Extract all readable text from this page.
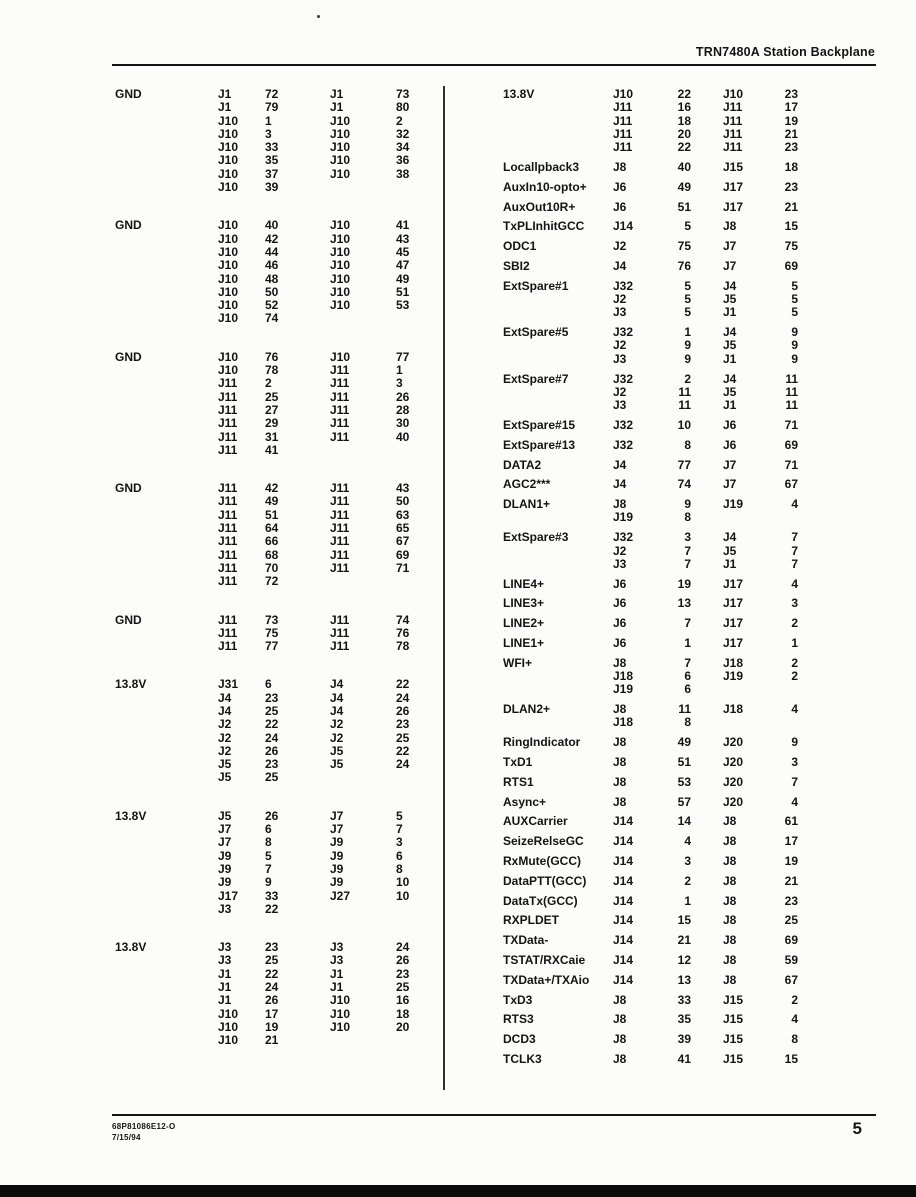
TRN7480A Station Backplane
GND	J1	72	J1	73
J1	79	J1	80
J10	1	J10	2
J10	3	J10	32
J10	33	J10	34
J10	35	J10	36
J10	37	J10	38
J10	39
GND	J10	40	J10	41
J10	42	J10	43
J10	44	J10	45
J10	46	J10	47
J10	48	J10	49
J10	50	J10	51
J10	52	J10	53
J10	74
GND	J10	76	J10	77
J10	78	J11	1
J11	2	J11	3
J11	25	J11	26
J11	27	J11	28
J11	29	J11	30
J11	31	J11	40
J11	41
GND	J11	42	J11	43
J11	49	J11	50
J11	51	J11	63
J11	64	J11	65
J11	66	J11	67
J11	68	J11	69
J11	70	J11	71
J11	72
GND	J11	73	J11	74
J11	75	J11	76
J11	77	J11	78
13.8V	J31	6	J4	22
J4	23	J4	24
J4	25	J4	26
J2	22	J2	23
J2	24	J2	25
J2	26	J5	22
J5	23	J5	24
J5	25
13.8V	J5	26	J7	5
J7	6	J7	7
J7	8	J9	3
J9	5	J9	6
J9	7	J9	8
J9	9	J9	10
J17	33	J27	10
J3	22
13.8V	J3	23	J3	24
J3	25	J3	26
J1	22	J1	23
J1	24	J1	25
J1	26	J10	16
J10	17	J10	18
J10	19	J10	20
J10	21
13.8V	J10	22	J10	23
J11	16	J11	17
J11	18	J11	19
J11	20	J11	21
J11	22	J11	23
Locallpback3	J8	40	J15	18
AuxIn10-opto+	J6	49	J17	23
AuxOut10R+	J6	51	J17	21
TxPLInhitGCC	J14	5	J8	15
ODC1	J2	75	J7	75
SBI2	J4	76	J7	69
ExtSpare#1	J32	5	J4	5
J2	5	J5	5
J3	5	J1	5
ExtSpare#5	J32	1	J4	9
J2	9	J5	9
J3	9	J1	9
ExtSpare#7	J32	2	J4	11
J2	11	J5	11
J3	11	J1	11
ExtSpare#15	J32	10	J6	71
ExtSpare#13	J32	8	J6	69
DATA2	J4	77	J7	71
AGC2***	J4	74	J7	67
DLAN1+	J8	9	J19	4
J19	8
ExtSpare#3	J32	3	J4	7
J2	7	J5	7
J3	7	J1	7
LINE4+	J6	19	J17	4
LINE3+	J6	13	J17	3
LINE2+	J6	7	J17	2
LINE1+	J6	1	J17	1
WFI+	J8	7	J18	2
J18	6	J19	2
J19	6
DLAN2+	J8	11	J18	4
J18	8
RingIndicator	J8	49	J20	9
TxD1	J8	51	J20	3
RTS1	J8	53	J20	7
Async+	J8	57	J20	4
AUXCarrier	J14	14	J8	61
SeizeRelseGC	J14	4	J8	17
RxMute(GCC)	J14	3	J8	19
DataPTT(GCC)	J14	2	J8	21
DataTx(GCC)	J14	1	J8	23
RXPLDET	J14	15	J8	25
TXData-	J14	21	J8	69
TSTAT/RXCaie	J14	12	J8	59
TXData+/TXAio	J14	13	J8	67
TxD3	J8	33	J15	2
RTS3	J8	35	J15	4
DCD3	J8	39	J15	8
TCLK3	J8	41	J15	15
68P81086E12-O
7/15/94	5
